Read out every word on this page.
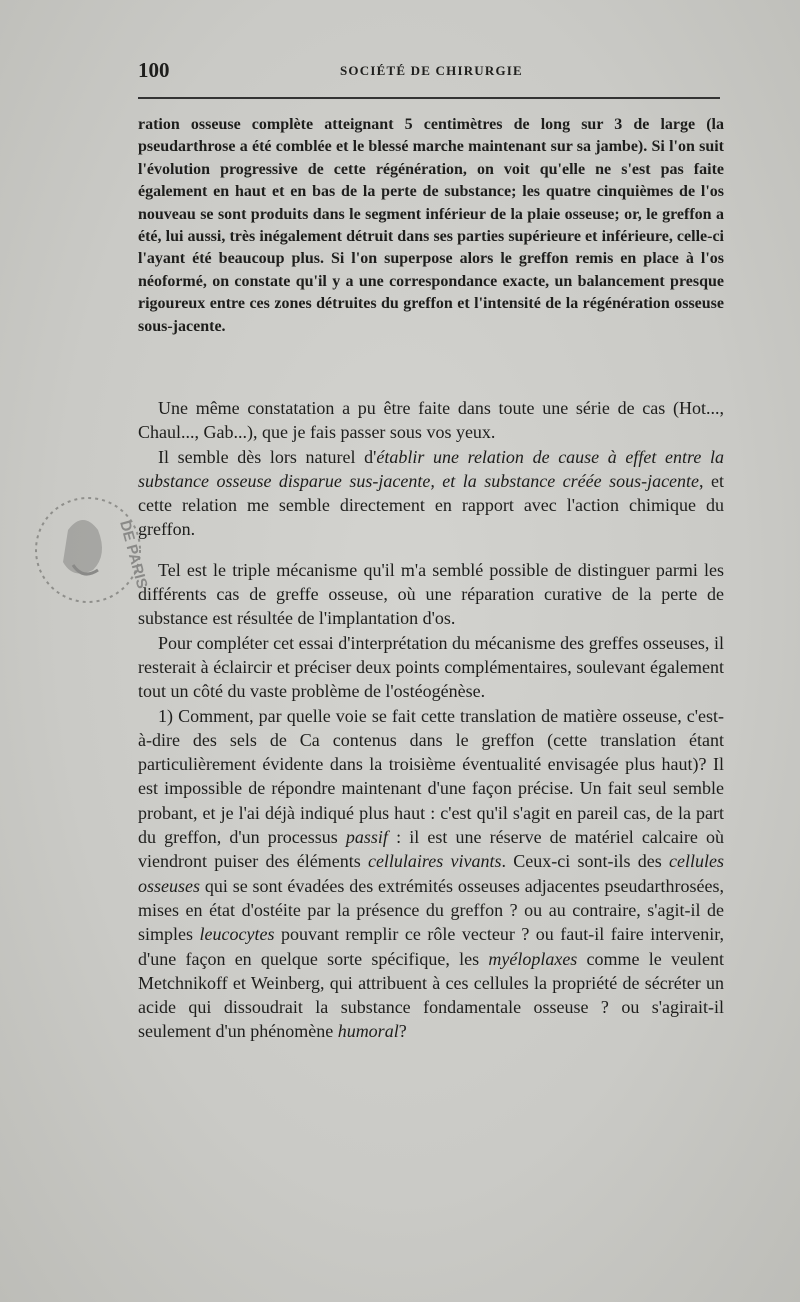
100	SOCIÉTÉ DE CHIRURGIE
ration osseuse complète atteignant 5 centimètres de long sur 3 de large (la pseudarthrose a été comblée et le blessé marche maintenant sur sa jambe). Si l'on suit l'évolution progressive de cette régénération, on voit qu'elle ne s'est pas faite également en haut et en bas de la perte de substance; les quatre cinquièmes de l'os nouveau se sont produits dans le segment inférieur de la plaie osseuse; or, le greffon a été, lui aussi, très inégalement détruit dans ses parties supérieure et inférieure, celle-ci l'ayant été beaucoup plus. Si l'on superpose alors le greffon remis en place à l'os néoformé, on constate qu'il y a une correspondance exacte, un balancement presque rigoureux entre ces zones détruites du greffon et l'intensité de la régénération osseuse sous-jacente.
DE PARIS

Une même constatation a pu être faite dans toute une série de cas (Hot..., Chaul..., Gab...), que je fais passer sous vos yeux.

Il semble dès lors naturel d'établir une relation de cause à effet entre la substance osseuse disparue sus-jacente, et la substance créée sous-jacente, et cette relation me semble directement en rapport avec l'action chimique du greffon.

Tel est le triple mécanisme qu'il m'a semblé possible de distinguer parmi les différents cas de greffe osseuse, où une réparation curative de la perte de substance est résultée de l'implantation d'os.

Pour compléter cet essai d'interprétation du mécanisme des greffes osseuses, il resterait à éclaircir et préciser deux points complémentaires, soulevant également tout un côté du vaste problème de l'ostéogénèse.

1) Comment, par quelle voie se fait cette translation de matière osseuse, c'est-à-dire des sels de Ca contenus dans le greffon (cette translation étant particulièrement évidente dans la troisième éventualité envisagée plus haut)? Il est impossible de répondre maintenant d'une façon précise. Un fait seul semble probant, et je l'ai déjà indiqué plus haut : c'est qu'il s'agit en pareil cas, de la part du greffon, d'un processus passif : il est une réserve de matériel calcaire où viendront puiser des éléments cellulaires vivants. Ceux-ci sont-ils des cellules osseuses qui se sont évadées des extrémités osseuses adjacentes pseudarthrosées, mises en état d'ostéite par la présence du greffon ? ou au contraire, s'agit-il de simples leucocytes pouvant remplir ce rôle vecteur ? ou faut-il faire intervenir, d'une façon en quelque sorte spécifique, les myéloplaxes comme le veulent Metchnikoff et Weinberg, qui attribuent à ces cellules la propriété de sécréter un acide qui dissoudrait la substance fondamentale osseuse ? ou s'agirait-il seulement d'un phénomène humoral?
